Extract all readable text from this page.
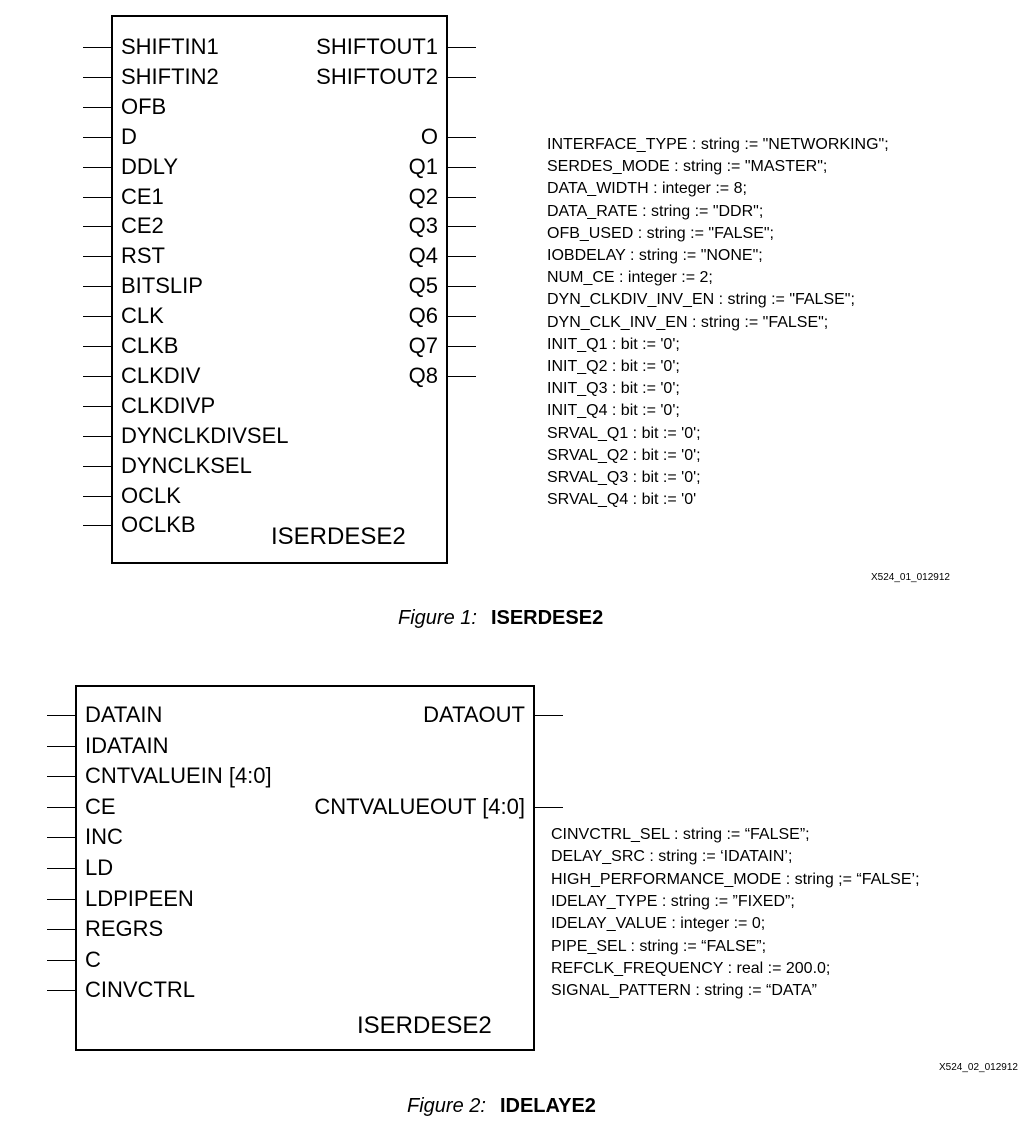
SHIFTIN1
SHIFTIN2
OFB
D
DDLY
CE1
CE2
RST
BITSLIP
CLK
CLKB
CLKDIV
CLKDIVP
DYNCLKDIVSEL
DYNCLKSEL
OCLK
OCLKB
SHIFTOUT1
SHIFTOUT2
O
Q1
Q2
Q3
Q4
Q5
Q6
Q7
Q8
ISERDESE2
INTERFACE_TYPE : string := "NETWORKING";
SERDES_MODE : string := "MASTER";
DATA_WIDTH : integer := 8;
DATA_RATE : string := "DDR";
OFB_USED : string := "FALSE";
IOBDELAY : string := "NONE";
NUM_CE : integer := 2;
DYN_CLKDIV_INV_EN : string := "FALSE";
DYN_CLK_INV_EN : string := "FALSE";
INIT_Q1 : bit := '0';
INIT_Q2 : bit := '0';
INIT_Q3 : bit := '0';
INIT_Q4 : bit := '0';
SRVAL_Q1 : bit := '0';
SRVAL_Q2 : bit := '0';
SRVAL_Q3 : bit := '0';
SRVAL_Q4 : bit := '0'
X524_01_012912
Figure 1: ISERDESE2
DATAIN
IDATAIN
CNTVALUEIN [4:0]
CE
INC
LD
LDPIPEEN
REGRS
C
CINVCTRL
DATAOUT
CNTVALUEOUT [4:0]
ISERDESE2
CINVCTRL_SEL : string := “FALSE”;
DELAY_SRC : string := ‘IDATAIN’;
HIGH_PERFORMANCE_MODE : string ;= “FALSE’;
IDELAY_TYPE : string := ”FIXED”;
IDELAY_VALUE : integer := 0;
PIPE_SEL : string := “FALSE”;
REFCLK_FREQUENCY : real := 200.0;
SIGNAL_PATTERN : string := “DATA”
X524_02_012912
Figure 2: IDELAYE2
